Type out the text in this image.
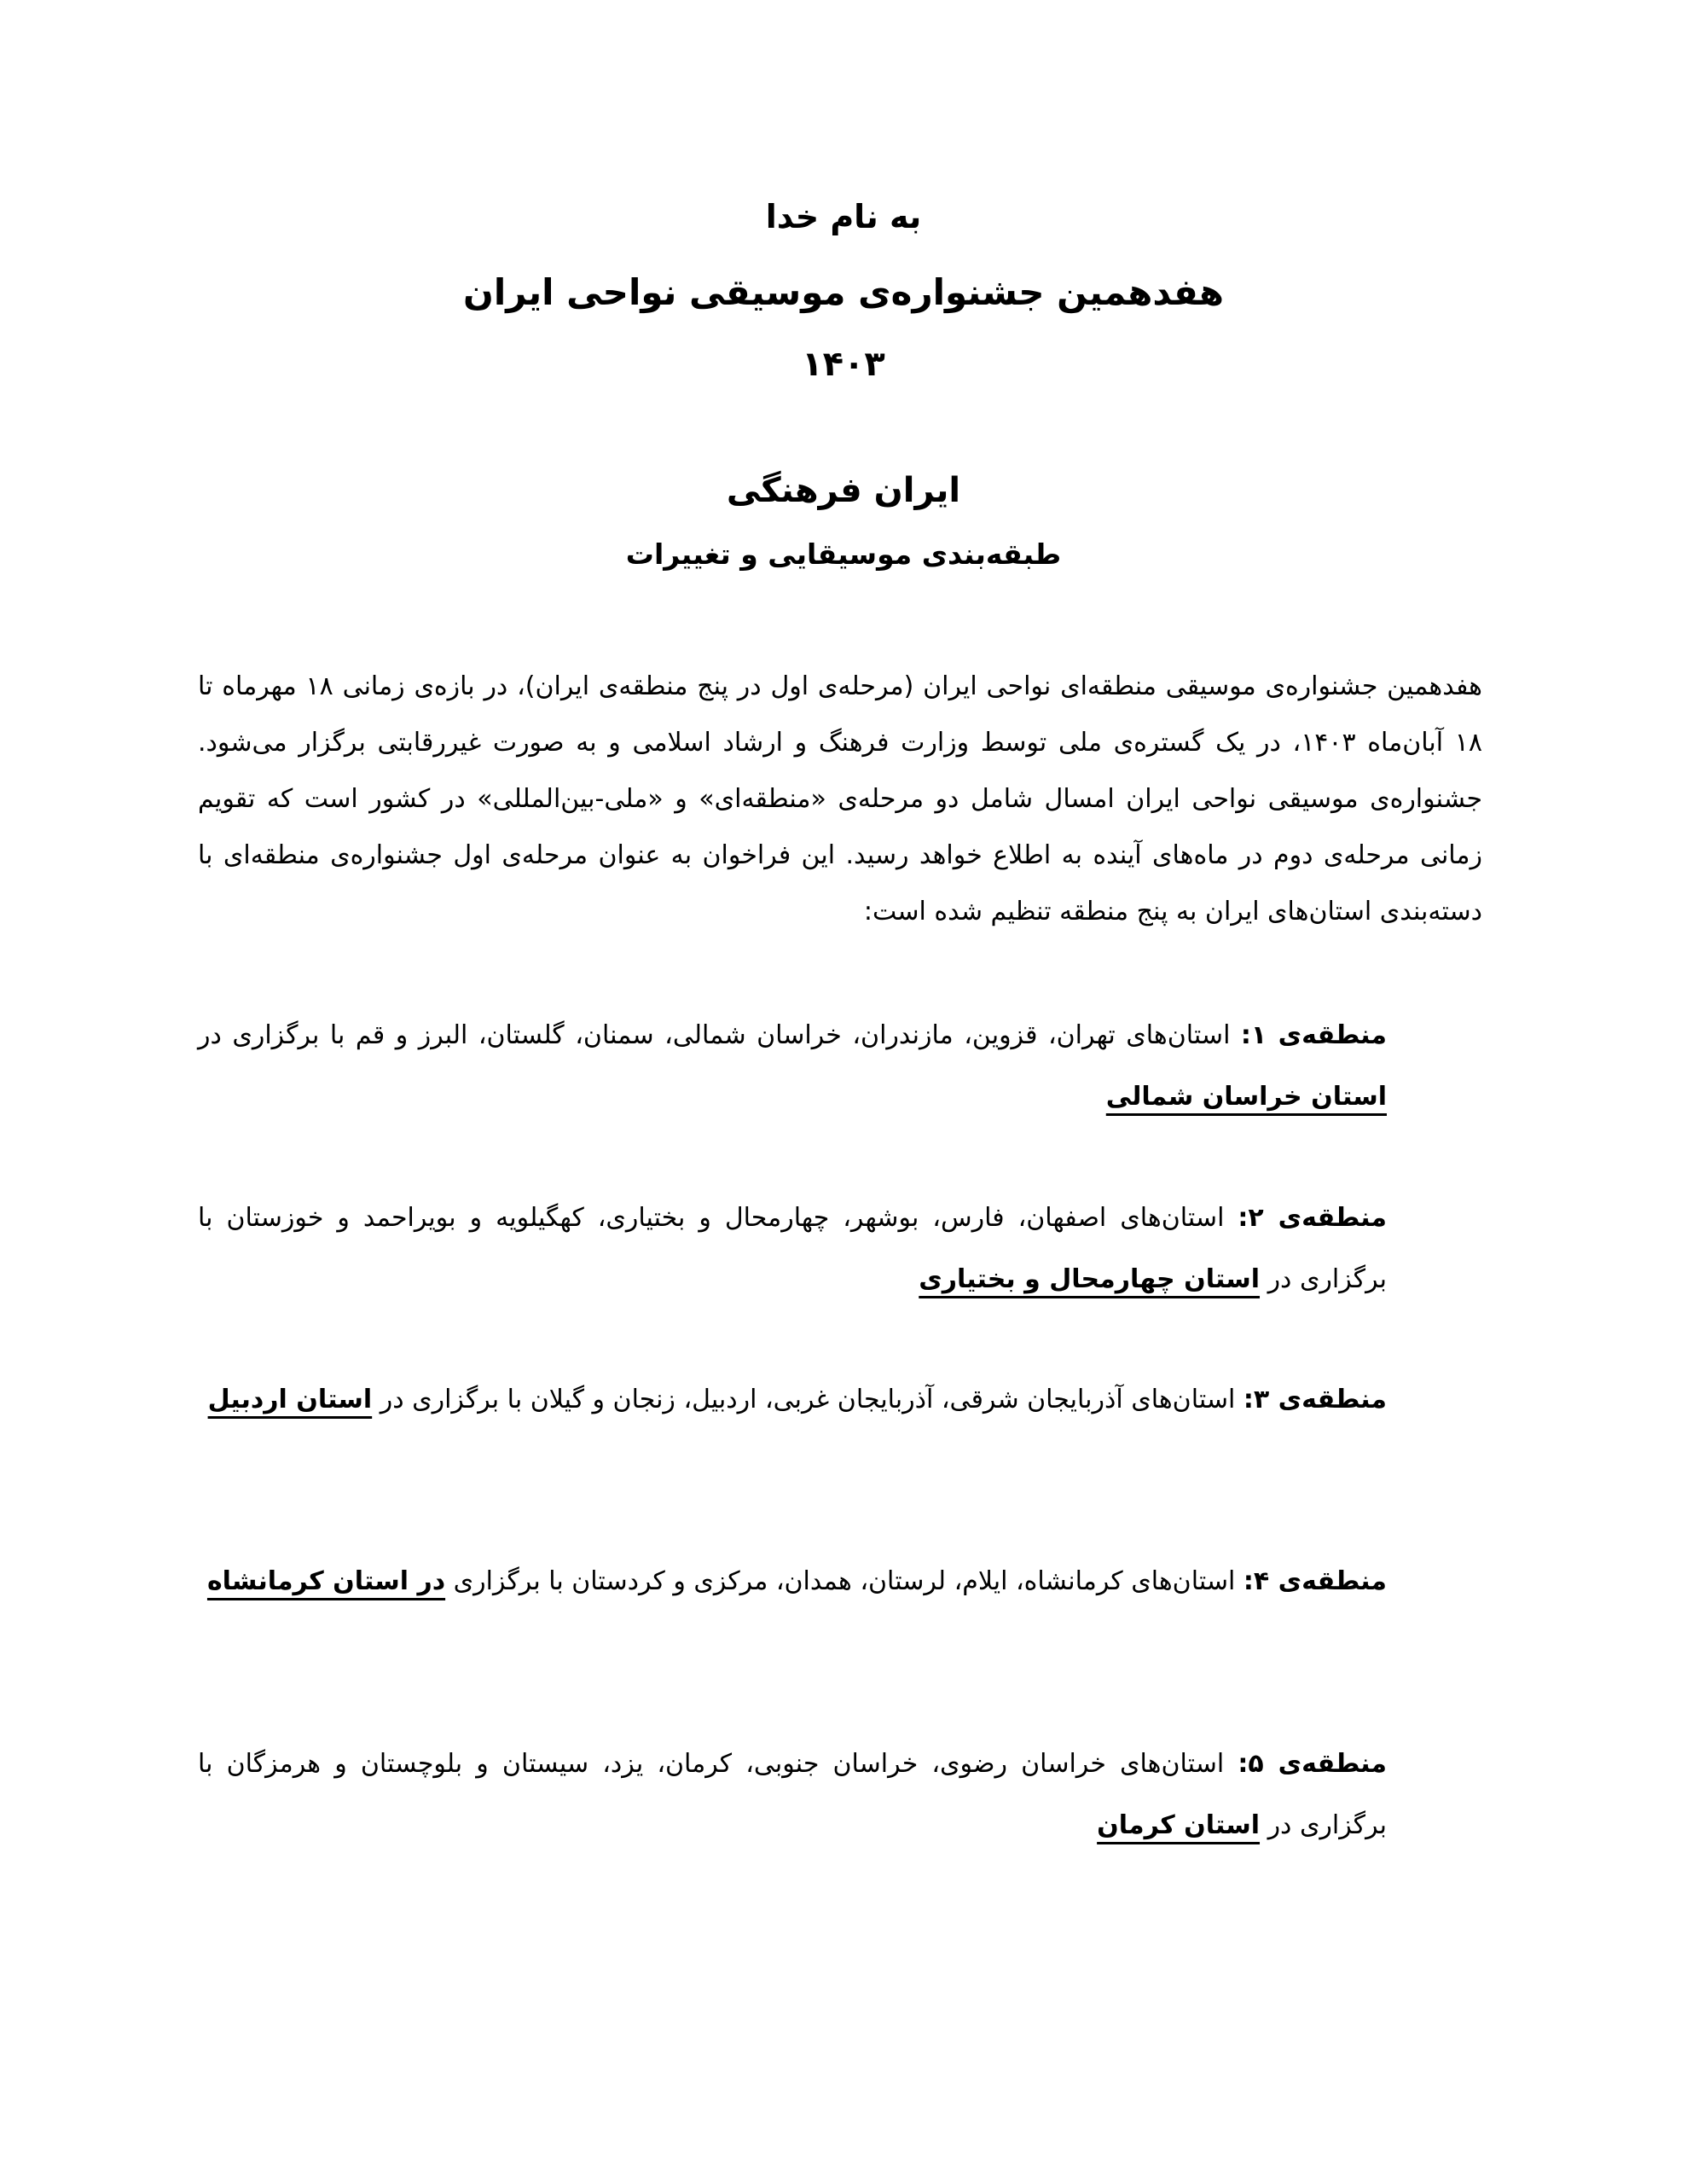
به نام خدا
هفدهمین جشنواره‌ی موسیقی نواحی ایران
۱۴۰۳
ایران فرهنگی
طبقه‌بندی موسیقایی و تغییرات

هفدهمین جشنواره‌ی موسیقی منطقه‌ای نواحی ایران (مرحله‌ی اول در پنج منطقه‌ی ایران)، در بازه‌ی زمانی ۱۸ مهرماه تا ۱۸ آبان‌ماه ۱۴۰۳، در یک گستره‌ی ملی توسط وزارت فرهنگ و ارشاد اسلامی و به صورت غیررقابتی برگزار می‌شود. جشنواره‌ی موسیقی نواحی ایران امسال شامل دو مرحله‌ی «منطقه‌ای» و «ملی-بین‌المللی» در کشور است که تقویم زمانی مرحله‌ی دوم در ماه‌های آینده به اطلاع خواهد رسید. این فراخوان به عنوان مرحله‌ی اول جشنواره‌ی منطقه‌ای با دسته‌بندی استان‌های ایران به پنج منطقه تنظیم شده است:

منطقه‌ی ۱: استان‌های تهران، قزوین، مازندران، خراسان شمالی، سمنان، گلستان، البرز و قم با برگزاری در استان خراسان شمالی

منطقه‌ی ۲: استان‌های اصفهان، فارس، بوشهر، چهارمحال و بختیاری، کهگیلویه و بویراحمد و خوزستان با برگزاری در استان چهارمحال و بختیاری

منطقه‌ی ۳: استان‌های آذربایجان شرقی، آذربایجان غربی، اردبیل، زنجان و گیلان با برگزاری در استان اردبیل

منطقه‌ی ۴: استان‌های کرمانشاه، ایلام، لرستان، همدان، مرکزی و کردستان با برگزاری در استان کرمانشاه

منطقه‌ی ۵: استان‌های خراسان رضوی، خراسان جنوبی، کرمان، یزد، سیستان و بلوچستان و هرمزگان با برگزاری در استان کرمان
